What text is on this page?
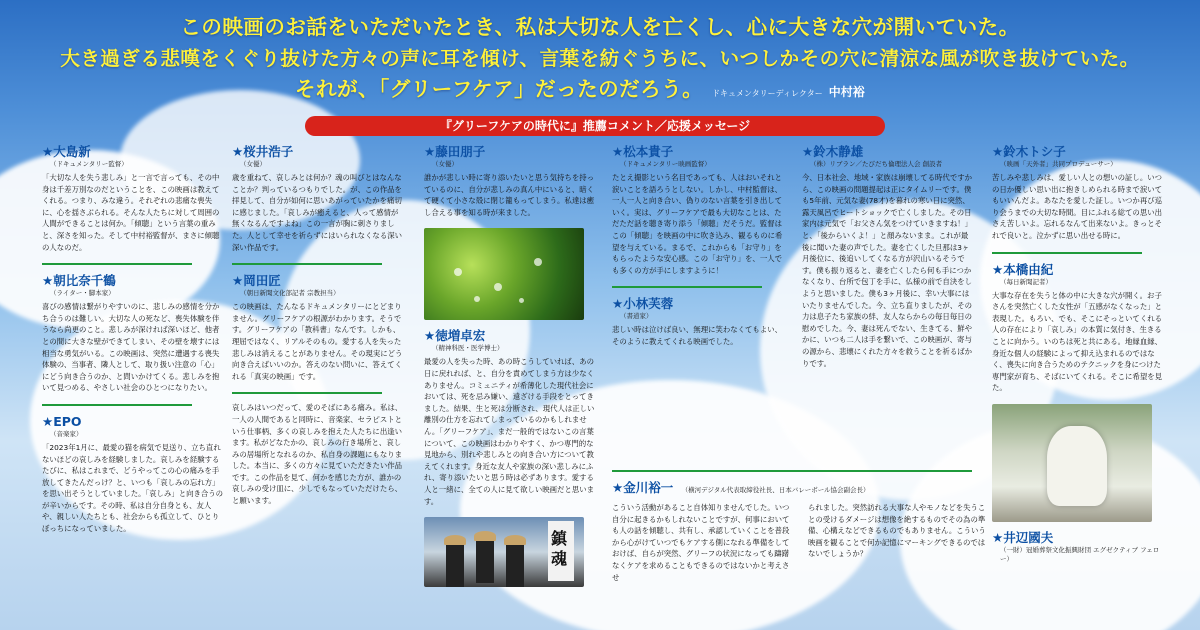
この映画のお話をいただいたとき、私は大切な人を亡くし、心に大きな穴が開いていた。
大き過ぎる悲嘆をくぐり抜けた方々の声に耳を傾け、言葉を紡ぐうちに、いつしかその穴に清涼な風が吹き抜けていた。
それが、「グリーフケア」だったのだろう。	ドキュメンタリーディレクター 中村裕
『グリーフケアの時代に』推薦コメント／応援メッセージ
★大島新
（ドキュメンタリー監督）
「大切な人を失う悲しみ」と一言で言っても、その中身は千差万別なのだということを、この映画は教えてくれる。つまり、みな違う。それぞれの悲痛な喪失に、心を揺さぶられる。そんな人たちに対して周囲の人間ができることは何か。「傾聴」という言葉の重みと、深さを知った。そして中村裕監督が、まさに傾聴の人なのだ。
★朝比奈千鶴
（ライター・脚本家）
喜びの感情は繋がりやすいのに、悲しみの感情を分かち合うのは難しい。大切な人の死など、喪失体験を伴うなら尚更のこと。悲しみが深ければ深いほど、他者との間に大きな壁ができてしまい、その壁を壊すには相当な勇気がいる。この映画は、突然に遭遇する喪失体験の、当事者、隣人として、取り扱い注意の「心」にどう向き合うのか、と問いかけてくる。悲しみを抱いて見つめる、やさしい社会のひとつになりたい。
★EPO
（音楽家）
「2023年1月に、最愛の猫を病気で見送り、立ち直れないほどの哀しみを経験しました。哀しみを経験するたびに、私はこれまで、どうやってこの心の痛みを手放してきたんだっけ？と、いつも「哀しみの忘れ方」を思い出そうとしていました。「哀しみ」と向き合うのが辛いからです。その時、私は自分自身とも、友人や、親しい人たちとも、社会からも孤立して、ひとりぼっちになっていました。
★桜井浩子
（女優）
歳を重ねて、哀しみとは何か？魂の叫びとはなんなことか？判っているつもりでした。が、この作品を拝見して、自分が如何に思いあがっていたかを痛切に感じました。「哀しみが癒えると、人って感情が無くなるんですよね」この一言が胸に刺さりました。人として幸せを祈らずにはいられなくなる深い深い作品です。
★岡田匠
（朝日新聞文化部記者 宗教担当）
この映画は、たんなるドキュメンタリーにとどまりません。グリーフケアの根源がわかります。そうです。グリーフケアの「教科書」なんです。しかも、理屈ではなく、リアルそのもの。愛する人を失った悲しみは消えることがありません。その現実にどう向き合えばいいのか。答えのない問いに、答えてくれる「真実の映画」です。
哀しみはいつだって、愛のそばにある痛み。私は、一人の人間であると同時に、音楽家、セラピストという仕事柄、多くの哀しみを抱えた人たちに出逢います。私がどなたかの、哀しみの行き場所と、哀しみの居場所となれるのか、私自身の課題にもなりました。本当に、多くの方々に見ていただきたい作品です。この作品を見て、何かを感じた方が、誰かの哀しみの受け皿に、少しでもなっていただけたら、と願います。
★藤田朋子
（女優）
誰かが悲しい時に寄り添いたいと思う気持ちを持っているのに、自分が悲しみの真ん中にいると、暗くて硬くて小さな殻に閉じ籠もってしまう。私達は癒し合える事を知る時が来ました。
★徳増卓宏
（精神科医・医学博士）
最愛の人を失った時、あの時こうしていれば、あの日に戻れれば、と、自分を責めてしまう方は少なくありません。コミュニティが希薄化した現代社会においては、死を忌み嫌い、遠ざける手段をとってきました。結果、生と死は分断され、現代人は正しい離別の仕方を忘れてしまっているのかもしれません。「グリーフケア」、まだ一般的ではないこの言葉について、この映画はわかりやすく、かつ専門的な見地から、別れや悲しみとの向き合い方について教えてくれます。身近な友人や家族の深い悲しみにふれ、寄り添いたいと思う時は必ずあります。愛する人と一緒に、全ての人に見て欲しい映画だと思います。
鎮魂
★松本貴子
（ドキュメンタリー映画監督）
たとえ撮影という名目であっても、人はおいそれと涙いことを語ろうとしない。しかし、中村監督は、一人一人と向き合い、偽りのない言葉を引き出していく。実は、グリーフケアで最も大切なことは、ただただ話を聴き寄り添う「傾聴」だそうだ。監督はこの「傾聴」を映画の中に吹き込み、観るものに希望を与えている。まるで、これからも「お守り」をもらったような安心感。この「お守り」を、一人でも多くの方が手にしますように！
★小林芙蓉
（書道家）
悲しい時は泣けば良い、無理に笑わなくてもよい、そのように教えてくれる映画でした。
★鈴木静雄
（株）リブラン／たびだち倫理法人会 創設者
今、日本社会、地域・家族は崩壊してる時代ですから、この映画の問題提起は正にタイムリーです。僕も5年前、元気な妻(78才)を暮れの寒い日に突然、露天風呂でヒートショックで亡くしました。その日家内は元気で「お父さん気をつけていきますね！」と、「後からいくよ！」と顔みないまま。これが最後に聞いた妻の声でした。妻を亡くした旦那は3ヶ月後位に、後追いしてくなる方が沢山いるそうです。僕も振り返ると、妻を亡くしたら何も手につかなくなり、台所で包丁を手に、仏様の前で自決をしようと思いました。僕も3ヶ月後に、幸い大事にはいたりませんでした。今、立ち直りましたが、その力は息子たち家族の絆、友人ならからの毎日毎日の慰めでした。今、妻は死んでない、生きてる、鮮やかに、いつも二人は手を繋いで、この映画が、寄与の源から、悲壊にくれた方々を救うことを祈るばかりです。
★金川裕一 （横河デジタル代表取締役社長、日本バレーボール協会副会長）
こういう活動があること自体知りませんでした。いつ自分に起きるかもしれないことですが、何事においても人の話を傾聴し、共有し、承認していくことを普段から心がけていつでもケアする側になれる準備をしておけば、自らが突然、グリーフの状況になっても躊躇なくケアを求めることもできるのではないかと考えさせ
られました。突然訪れる大事な人やモノなどを失うことの受けるダメージは想像を絶するものでその為の準備、心構えなどできるものでもありません。こういう映画を観ることで何か記憶にマーキングできるのではないでしょうか？
★鈴木トシ子
（映画「天外者」共同プロデューサー）
苦しみや悲しみは、愛しい人との想いの証し。いつの日か優しい思い出に抱きしめられる時まで涙いてもいいんだよ。あなたを愛した証し。いつか再び巡り会うまでの大切な時間。目にふれる総ての思い出さえ苦しいよ。忘れるなんて出来ないよ。きっとそれで良いと。泣かずに思い出せる時に。
★本橋由紀
（毎日新聞記者）
大事な存在を失うと体の中に大きな穴が開く。お子さんを突然亡くした女性が「五感がなくなった」と表現した。もろい、でも、そこにそっといてくれる人の存在により「哀しみ」の本質に気付き、生きることに向かう。いのちは死と共にある。地縁血縁、身近な個人の経験によって抑え込まれるのではなく、喪失に向き合うためのテクニックを身につけた専門家が育ち、そばにいてくれる。そこに希望を見た。
★井辺國夫
（一財）冠婚葬祭文化振興財団 エグゼクティブ フェロー）
